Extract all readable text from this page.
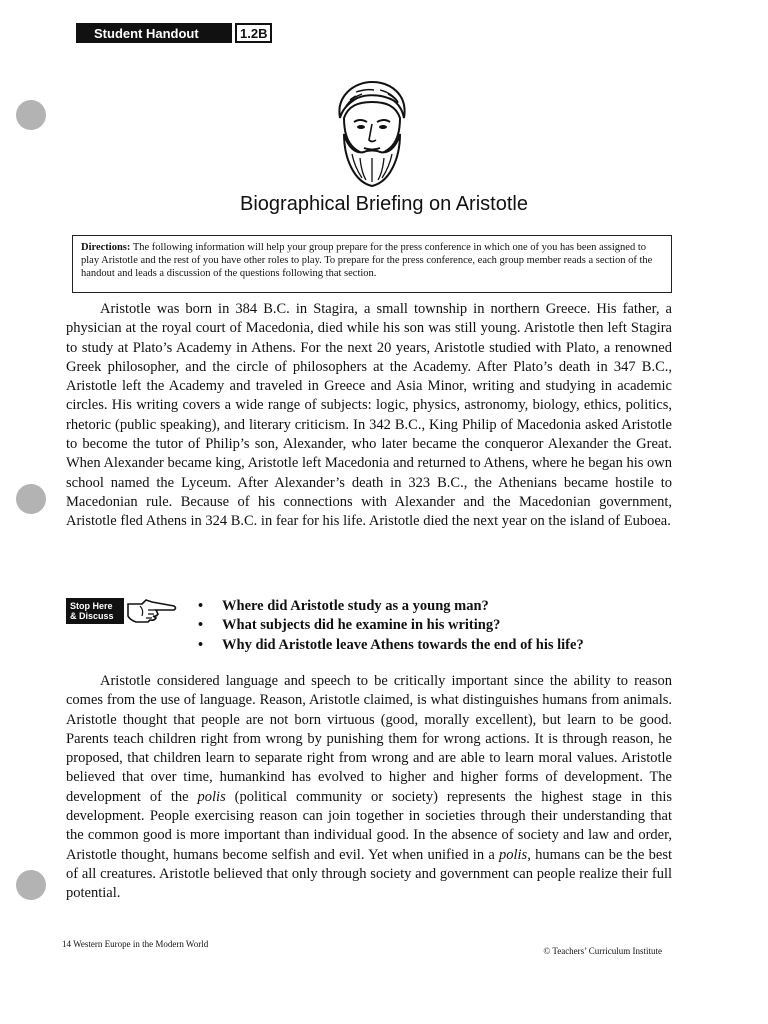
Student Handout	1.2B
Biographical Briefing on Aristotle
Directions: The following information will help your group prepare for the press conference in which one of you has been assigned to play Aristotle and the rest of you have other roles to play. To prepare for the press conference, each group member reads a section of the handout and leads a discussion of the questions following that section.

Aristotle was born in 384 B.C. in Stagira, a small township in northern Greece. His father, a physician at the royal court of Macedonia, died while his son was still young. Aristotle then left Stagira to study at Plato’s Academy in Athens. For the next 20 years, Aristotle studied with Plato, a renowned Greek philosopher, and the circle of philosophers at the Academy. After Plato’s death in 347 B.C., Aristotle left the Academy and traveled in Greece and Asia Minor, writing and studying in academic circles. His writing covers a wide range of subjects: logic, physics, astronomy, biology, ethics, politics, rhetoric (public speaking), and literary criticism. In 342 B.C., King Philip of Macedonia asked Aristotle to become the tutor of Philip’s son, Alexander, who later became the conqueror Alexander the Great. When Alexander became king, Aristotle left Macedonia and returned to Athens, where he began his own school named the Lyceum. After Alexander’s death in 323 B.C., the Athenians became hostile to Macedonian rule. Because of his connections with Alexander and the Macedonian government, Aristotle fled Athens in 324 B.C. in fear for his life. Aristotle died the next year on the island of Euboea.

Stop Here
& Discuss
• Where did Aristotle study as a young man?
• What subjects did he examine in his writing?
• Why did Aristotle leave Athens towards the end of his life?

Aristotle considered language and speech to be critically important since the ability to reason comes from the use of language. Reason, Aristotle claimed, is what distinguishes humans from animals. Aristotle thought that people are not born virtuous (good, morally excellent), but learn to be good. Parents teach children right from wrong by punishing them for wrong actions. It is through reason, he proposed, that children learn to separate right from wrong and are able to learn moral values. Aristotle believed that over time, humankind has evolved to higher and higher forms of development. The development of the polis (political community or society) represents the highest stage in this development. People exercising reason can join together in societies through their understanding that the common good is more important than individual good. In the absence of society and law and order, Aristotle thought, humans become selfish and evil. Yet when unified in a polis, humans can be the best of all creatures. Aristotle believed that only through society and government can people realize their full potential.

14 Western Europe in the Modern World
© Teachers’ Curriculum Institute
